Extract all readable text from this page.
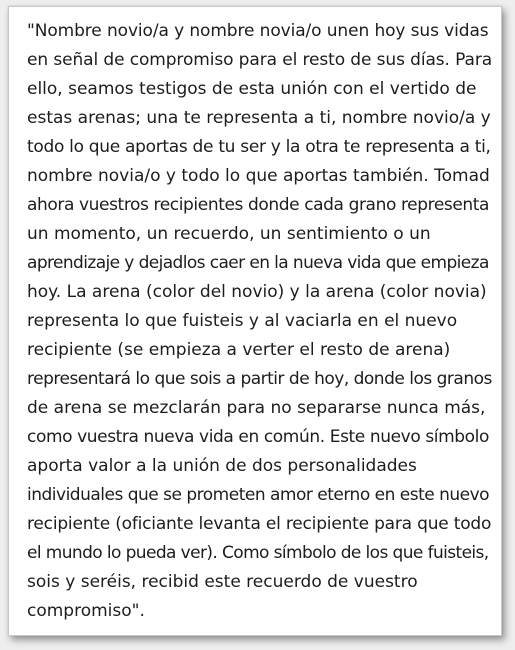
"Nombre novio/a y nombre novia/o unen hoy sus vidas
en señal de compromiso para el resto de sus días. Para
ello, seamos testigos de esta unión con el vertido de
estas arenas; una te representa a ti, nombre novio/a y
todo lo que aportas de tu ser y la otra te representa a ti,
nombre novia/o y todo lo que aportas también. Tomad
ahora vuestros recipientes donde cada grano representa
un momento, un recuerdo, un sentimiento o un
aprendizaje y dejadlos caer en la nueva vida que empieza
hoy. La arena (color del novio) y la arena (color novia)
representa lo que fuisteis y al vaciarla en el nuevo
recipiente (se empieza a verter el resto de arena)
representará lo que sois a partir de hoy, donde los granos
de arena se mezclarán para no separarse nunca más,
como vuestra nueva vida en común. Este nuevo símbolo
aporta valor a la unión de dos personalidades
individuales que se prometen amor eterno en este nuevo
recipiente (oficiante levanta el recipiente para que todo
el mundo lo pueda ver). Como símbolo de los que fuisteis,
sois y seréis, recibid este recuerdo de vuestro
compromiso".
